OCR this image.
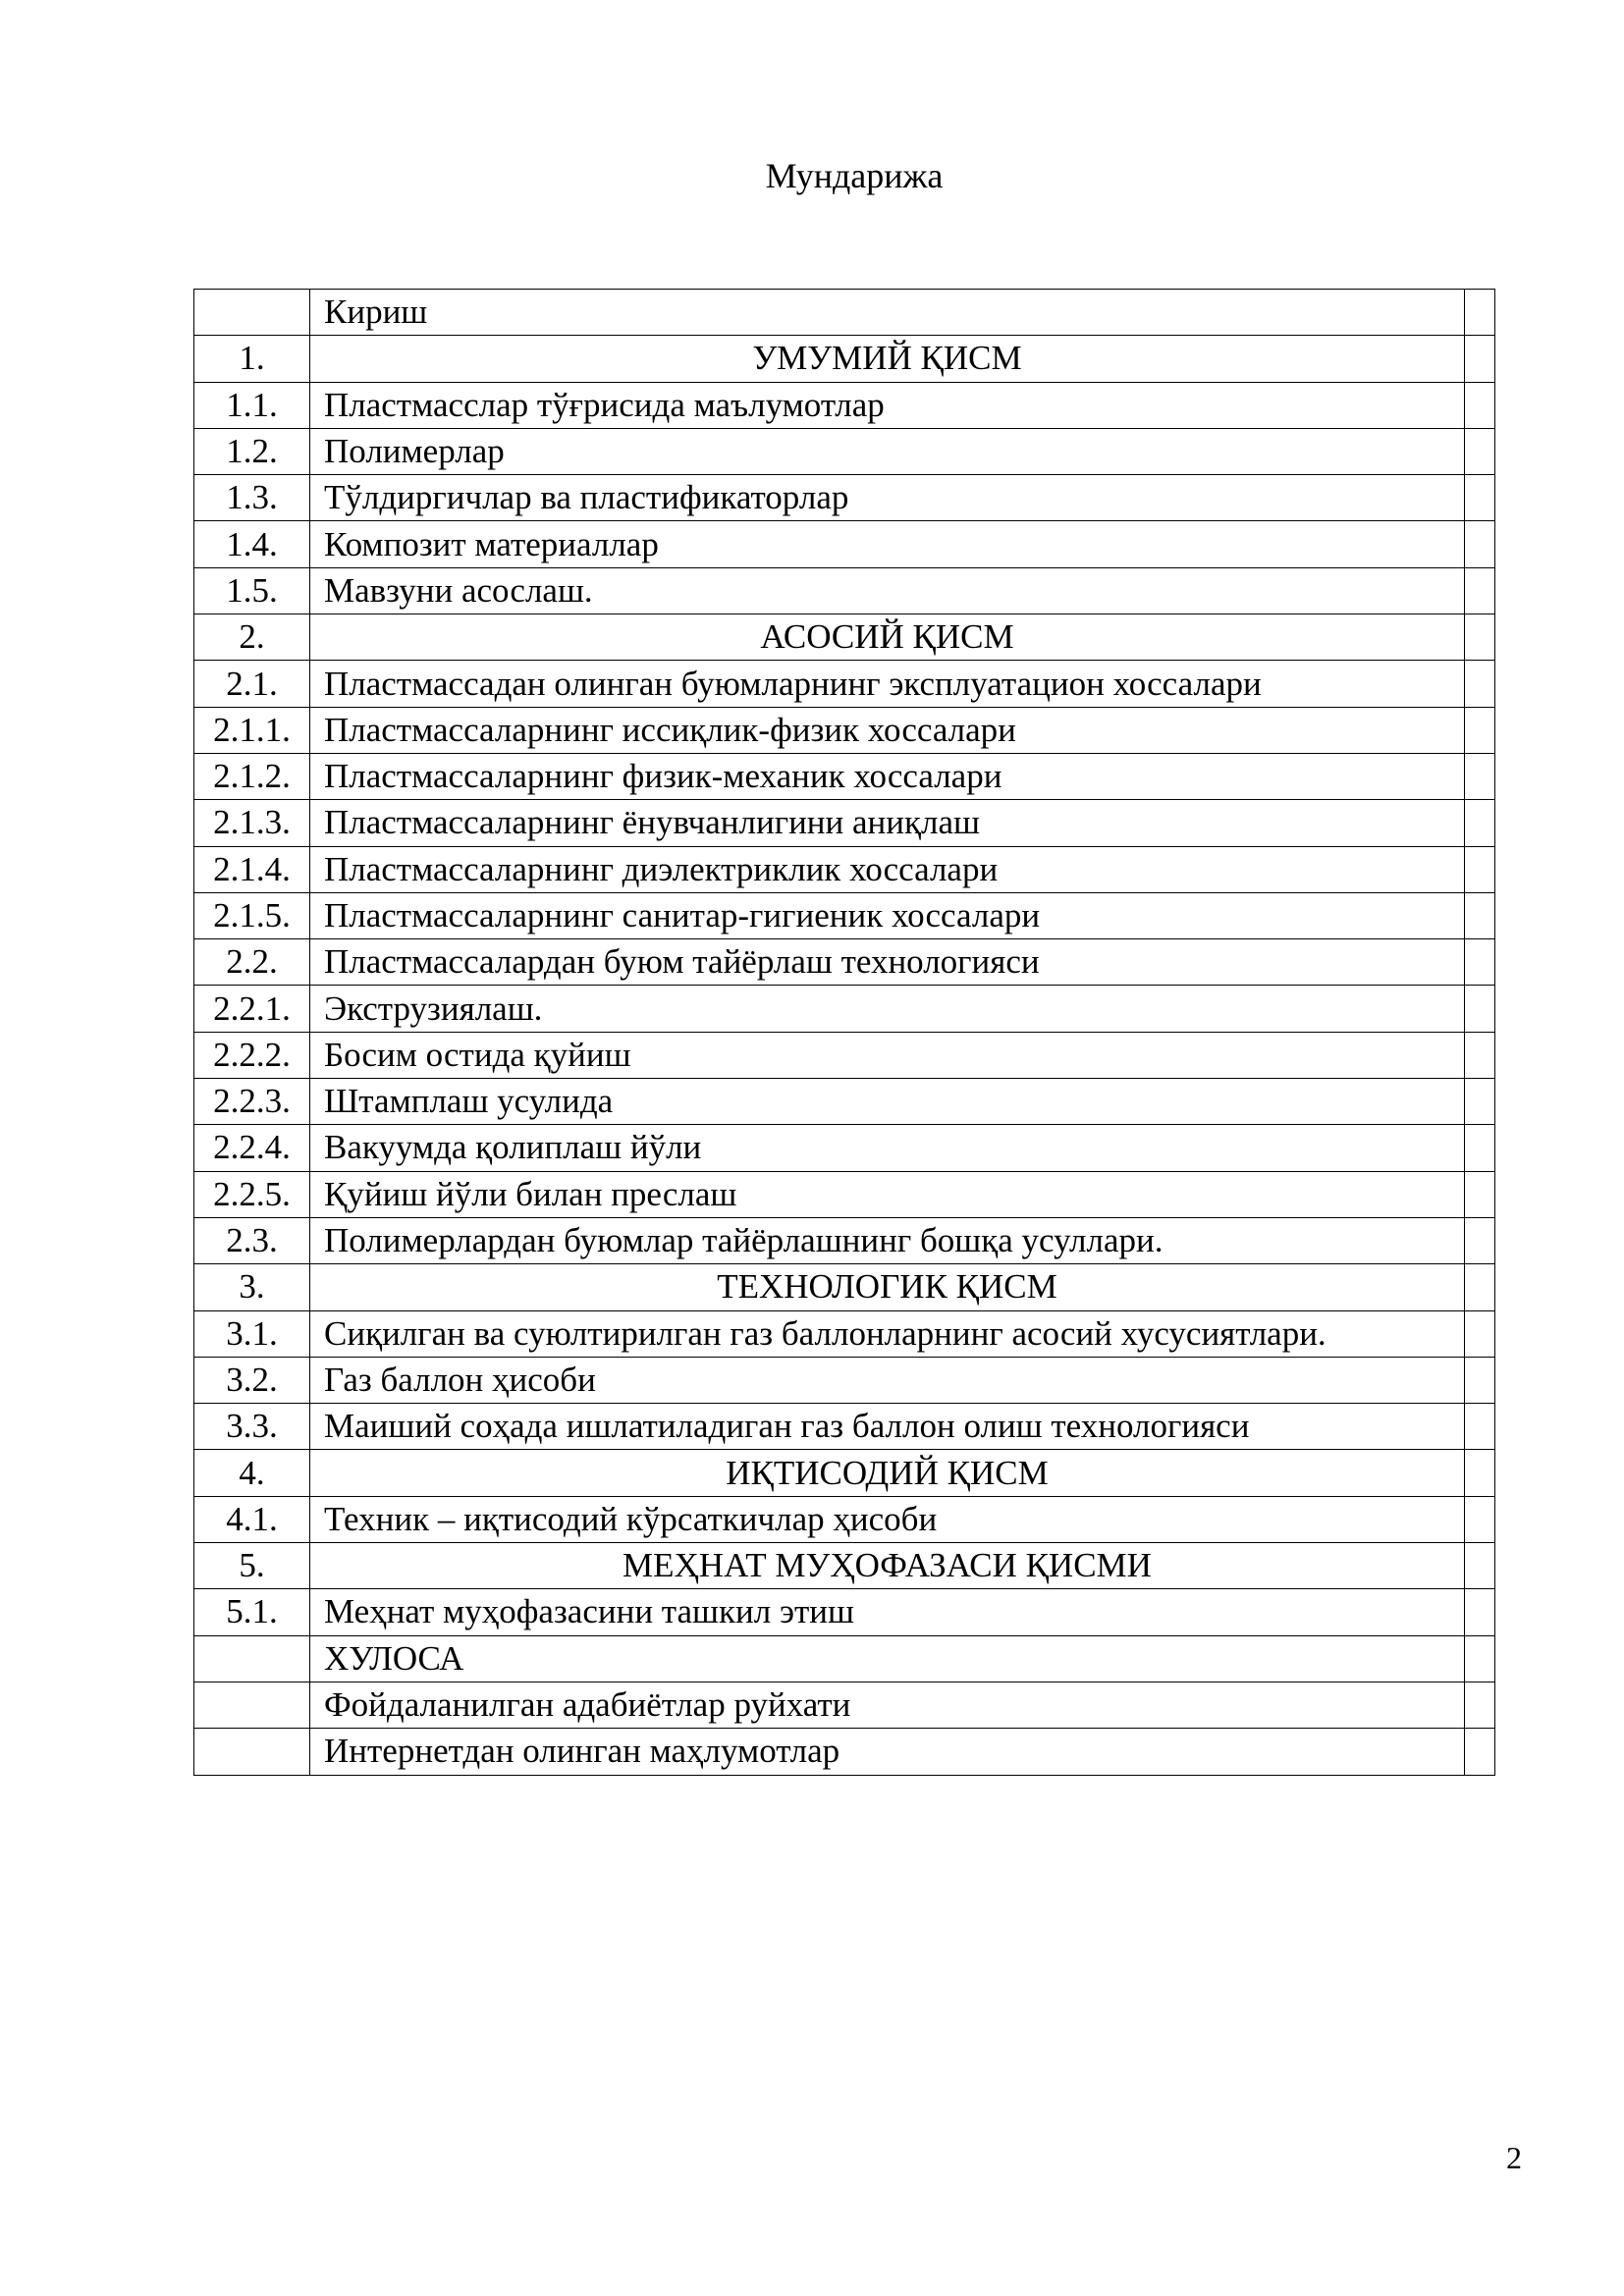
Мундарижа
	Кириш	
1.	УМУМИЙ ҚИСМ	
1.1.	Пластмасслар тўғрисида маълумотлар	
1.2.	Полимерлар	
1.3.	Тўлдиргичлар ва пластификаторлар	
1.4.	Композит материаллар	
1.5.	Мавзуни асослаш.	
2.	АСОСИЙ ҚИСМ	
2.1.	Пластмассадан олинган буюмларнинг эксплуатацион хоссалари	
2.1.1.	Пластмассаларнинг иссиқлик-физик хоссалари	
2.1.2.	Пластмассаларнинг физик-механик хоссалари	
2.1.3.	Пластмассаларнинг ёнувчанлигини аниқлаш	
2.1.4.	Пластмассаларнинг диэлектриклик хоссалари	
2.1.5.	Пластмассаларнинг санитар-гигиеник хоссалари	
2.2.	Пластмассалардан буюм тайёрлаш технологияси	
2.2.1.	Экструзиялаш.	
2.2.2.	Босим остида қуйиш	
2.2.3.	Штамплаш усулида	
2.2.4.	Вакуумда қолиплаш йўли	
2.2.5.	Қуйиш йўли билан преслаш	
2.3.	Полимерлардан буюмлар тайёрлашнинг бошқа усуллари.	
3.	ТЕХНОЛОГИК ҚИСМ	
3.1.	Сиқилган ва суюлтирилган газ баллонларнинг асосий хусусиятлари.	
3.2.	Газ баллон ҳисоби	
3.3.	Маиший соҳада ишлатиладиган газ баллон олиш технологияси	
4.	ИҚТИСОДИЙ ҚИСМ	
4.1.	Техник – иқтисодий кўрсаткичлар ҳисоби	
5.	МЕҲНАТ МУҲОФАЗАСИ ҚИСМИ	
5.1.	Меҳнат муҳофазасини ташкил этиш	
	ХУЛОСА	
	Фойдаланилган адабиётлар руйхати	
	Интернетдан олинган маҳлумотлар	
2
